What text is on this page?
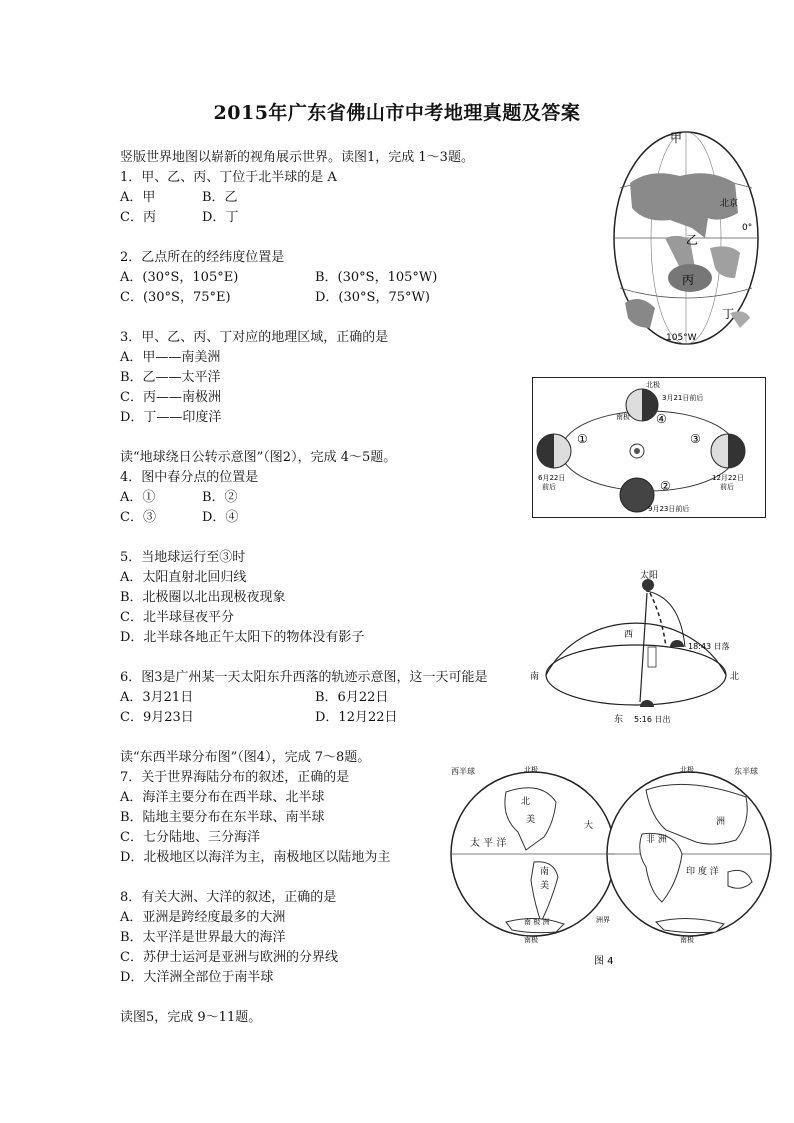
2015年广东省佛山市中考地理真题及答案
竖版世界地图以崭新的视角展示世界。读图1，完成 1～3题。
1．甲、乙、丙、丁位于北半球的是 A
A．甲	B．乙
C．丙	D．丁
2．乙点所在的经纬度位置是
A．(30°S，105°E)	B．(30°S，105°W)
C．(30°S，75°E)	D．(30°S，75°W)
3．甲、乙、丙、丁对应的地理区域，正确的是
A．甲——南美洲
B．乙——太平洋
C．丙——南极洲
D．丁——印度洋
读“地球绕日公转示意图”（图2），完成 4～5题。
4．图中春分点的位置是
A．①	B．②
C．③	D．④
5．当地球运行至③时
A．太阳直射北回归线
B．北极圈以北出现极夜现象
C．北半球昼夜平分
D．北半球各地正午太阳下的物体没有影子
6．图3是广州某一天太阳东升西落的轨迹示意图，这一天可能是
A．3月21日	B．6月22日
C．9月23日	D．12月22日
读“东西半球分布图”（图4），完成 7～8题。
7．关于世界海陆分布的叙述，正确的是
A．海洋主要分布在西半球、北半球
B．陆地主要分布在东半球、南半球
C．七分陆地、三分海洋
D．北极地区以海洋为主，南极地区以陆地为主
8．有关大洲、大洋的叙述，正确的是
A．亚洲是跨经度最多的大洲
B．太平洋是世界最大的海洋
C．苏伊士运河是亚洲与欧洲的分界线
D．大洋洲全部位于南半球
读图5，完成 9～11题。
甲
乙
丙
丁
北京
0°
105°W
北极
南极
3月21日前后
6月22日
前后
12月22日
前后
9月23日前后
①
②
③
④
太阳
西
东
南	北
18:43 日落
5:16 日出
西半球	东半球
北极	北极
南极	南极
太 平 洋
北
美
南
美
大
非 洲
洲
印 度 洋
南 极 洲	洲界
图 4
